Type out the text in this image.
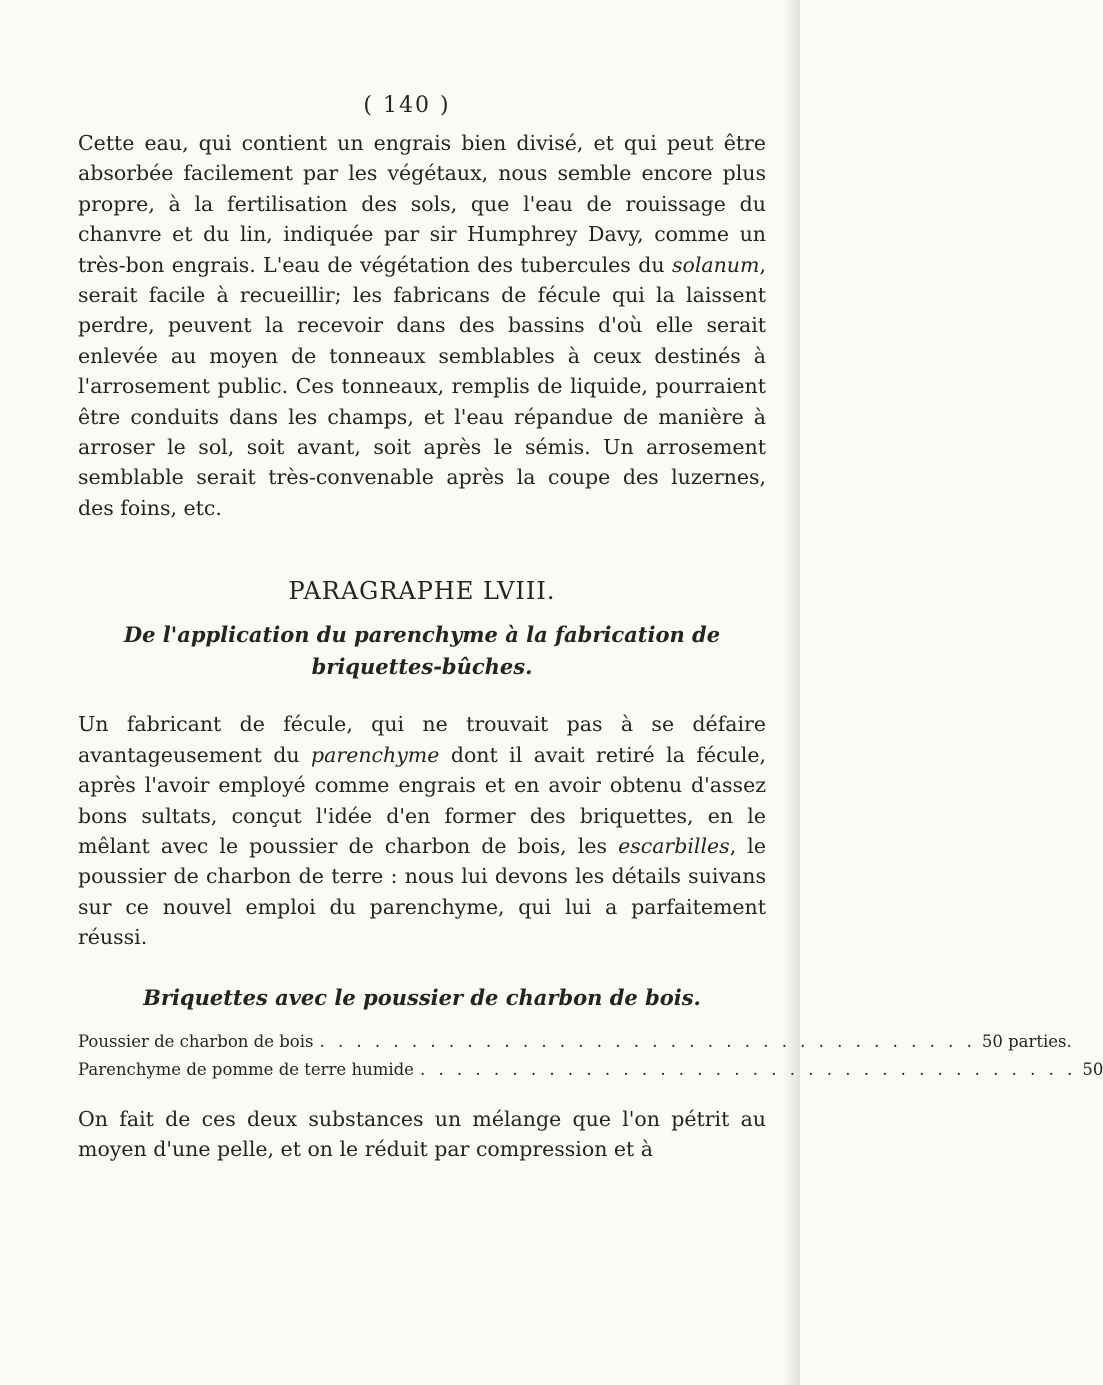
( 140 )

Cette eau, qui contient un engrais bien divisé, et qui peut être absorbée facilement par les végétaux, nous semble encore plus propre, à la fertilisation des sols, que l'eau de rouissage du chanvre et du lin, indiquée par sir Humphrey Davy, comme un très-bon engrais. L'eau de végétation des tubercules du solanum, serait facile à recueillir; les fabricans de fécule qui la laissent perdre, peuvent la recevoir dans des bassins d'où elle serait enlevée au moyen de tonneaux semblables à ceux destinés à l'arrosement public. Ces tonneaux, remplis de liquide, pourraient être conduits dans les champs, et l'eau répandue de manière à arroser le sol, soit avant, soit après le sémis. Un arrosement semblable serait très-convenable après la coupe des luzernes, des foins, etc.

PARAGRAPHE LVIII.
De l'application du parenchyme à la fabrication de briquettes-bûches.

Un fabricant de fécule, qui ne trouvait pas à se défaire avantageusement du parenchyme dont il avait retiré la fécule, après l'avoir employé comme engrais et en avoir obtenu d'assez bons sultats, conçut l'idée d'en former des briquettes, en le mêlant avec le poussier de charbon de bois, les escarbilles, le poussier de charbon de terre : nous lui devons les détails suivans sur ce nouvel emploi du parenchyme, qui lui a parfaitement réussi.

Briquettes avec le poussier de charbon de bois.
Poussier de charbon de bois . . . . . . . . . . . . . . . . . . . . . . . . . . . . . . . . . . . . 50 parties.
Parenchyme de pomme de terre humide . . . . . . . . . . . . . . . . . . . . . . . . . . . . . . . . . . . . 50

On fait de ces deux substances un mélange que l'on pétrit au moyen d'une pelle, et on le réduit par compression et à
